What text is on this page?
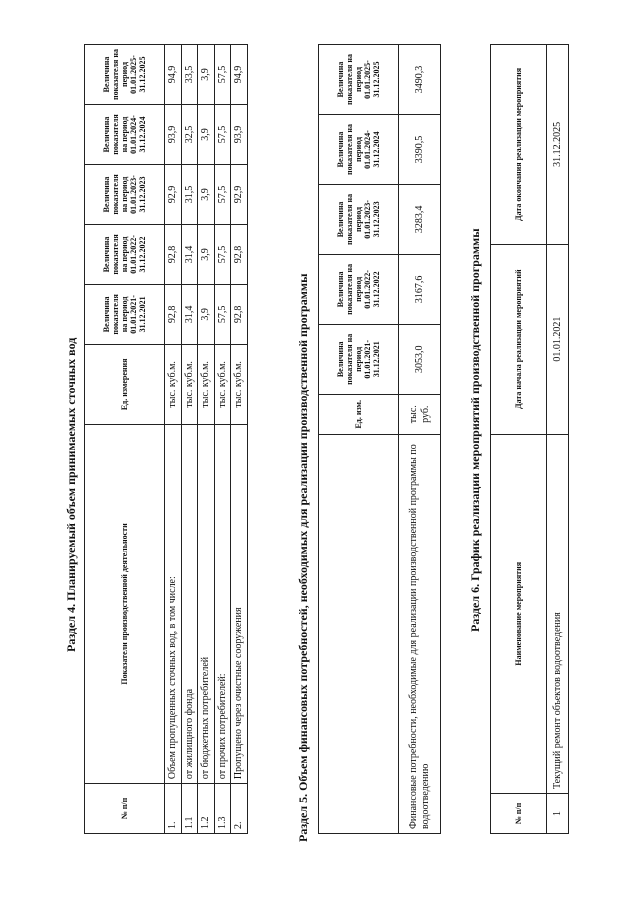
Раздел 4. Планируемый объем принимаемых сточных вод
№ п/п	Показатели производственной деятельности	Ед. измерения	Величина показателя на период 01.01.2021-31.12.2021	Величина показателя на период 01.01.2022-31.12.2022	Величина показателя на период 01.01.2023-31.12.2023	Величина показателя на период 01.01.2024-31.12.2024	Величина показателя на период 01.01.2025-31.12.2025
1.	Объем пропущенных сточных вод, в том числе:	тыс. куб.м.	92,8	92,8	92,9	93,9	94,9
1.1	от жилищного фонда	тыс. куб.м.	31,4	31,4	31,5	32,5	33,5
1.2	от бюджетных потребителей	тыс. куб.м.	3,9	3,9	3,9	3,9	3,9
1.3	от прочих потребителей:	тыс. куб.м.	57,5	57,5	57,5	57,5	57,5
2.	Пропущено через очистные сооружения	тыс. куб.м.	92,8	92,8	92,9	93,9	94,9
Раздел 5. Объем финансовых потребностей, необходимых для реализации производственной программы
		Ед. изм.	Величина показателя на период 01.01.2021-31.12.2021	Величина показателя на период 01.01.2022-31.12.2022	Величина показателя на период 01.01.2023-31.12.2023	Величина показателя на период 01.01.2024-31.12.2024	Величина показателя на период 01.01.2025-31.12.2025
Финансовые потребности, необходимые для реализации производственной программы по водоотведению	тыс. руб.	3053,0	3167,6	3283,4	3390,5	3490,3
Раздел 6. График реализации мероприятий производственной программы
№ п/п	Наименование мероприятия	Дата начала реализации мероприятий	Дата окончания реализации мероприятия
1	Текущий ремонт объектов водоотведения	01.01.2021	31.12.2025
